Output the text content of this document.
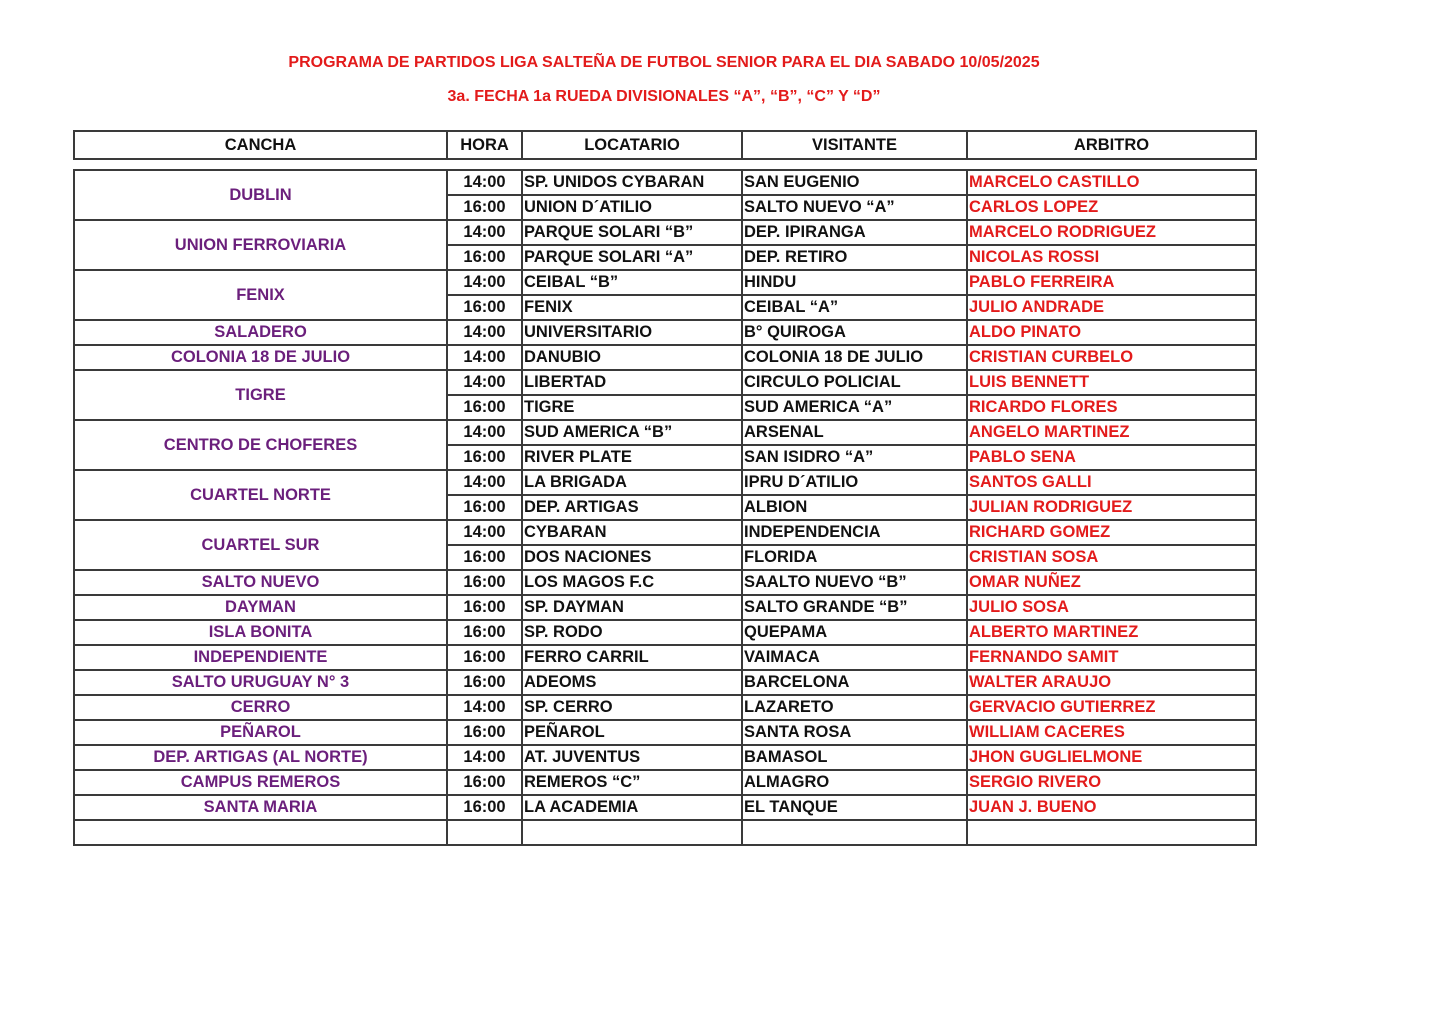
PROGRAMA DE PARTIDOS LIGA SALTEÑA DE FUTBOL SENIOR PARA EL DIA SABADO 10/05/2025
3a. FECHA 1a RUEDA DIVISIONALES “A”, “B”, “C” Y “D”
CANCHA	HORA	LOCATARIO	VISITANTE	ARBITRO
DUBLIN	14:00	SP. UNIDOS CYBARAN	SAN EUGENIO	MARCELO CASTILLO
	16:00	UNION D´ATILIO	SALTO NUEVO “A”	CARLOS LOPEZ
UNION FERROVIARIA	14:00	PARQUE SOLARI “B”	DEP. IPIRANGA	MARCELO RODRIGUEZ
	16:00	PARQUE SOLARI “A”	DEP. RETIRO	NICOLAS ROSSI
FENIX	14:00	CEIBAL “B”	HINDU	PABLO FERREIRA
	16:00	FENIX	CEIBAL “A”	JULIO ANDRADE
SALADERO	14:00	UNIVERSITARIO	B° QUIROGA	ALDO PINATO
COLONIA 18 DE JULIO	14:00	DANUBIO	COLONIA 18 DE JULIO	CRISTIAN CURBELO
TIGRE	14:00	LIBERTAD	CIRCULO POLICIAL	LUIS BENNETT
	16:00	TIGRE	SUD AMERICA “A”	RICARDO FLORES
CENTRO DE CHOFERES	14:00	SUD AMERICA “B”	ARSENAL	ANGELO MARTINEZ
	16:00	RIVER PLATE	SAN ISIDRO “A”	PABLO SENA
CUARTEL NORTE	14:00	LA BRIGADA	IPRU D´ATILIO	SANTOS GALLI
	16:00	DEP. ARTIGAS	ALBION	JULIAN RODRIGUEZ
CUARTEL SUR	14:00	CYBARAN	INDEPENDENCIA	RICHARD GOMEZ
	16:00	DOS NACIONES	FLORIDA	CRISTIAN SOSA
SALTO NUEVO	16:00	LOS MAGOS F.C	SAALTO NUEVO “B”	OMAR NUÑEZ
DAYMAN	16:00	SP. DAYMAN	SALTO GRANDE “B”	JULIO SOSA
ISLA BONITA	16:00	SP. RODO	QUEPAMA	ALBERTO MARTINEZ
INDEPENDIENTE	16:00	FERRO CARRIL	VAIMACA	FERNANDO SAMIT
SALTO URUGUAY N° 3	16:00	ADEOMS	BARCELONA	WALTER ARAUJO
CERRO	14:00	SP. CERRO	LAZARETO	GERVACIO GUTIERREZ
PEÑAROL	16:00	PEÑAROL	SANTA ROSA	WILLIAM CACERES
DEP. ARTIGAS (AL NORTE)	14:00	AT. JUVENTUS	BAMASOL	JHON GUGLIELMONE
CAMPUS REMEROS	16:00	REMEROS “C”	ALMAGRO	SERGIO RIVERO
SANTA MARIA	16:00	LA ACADEMIA	EL TANQUE	JUAN J. BUENO
